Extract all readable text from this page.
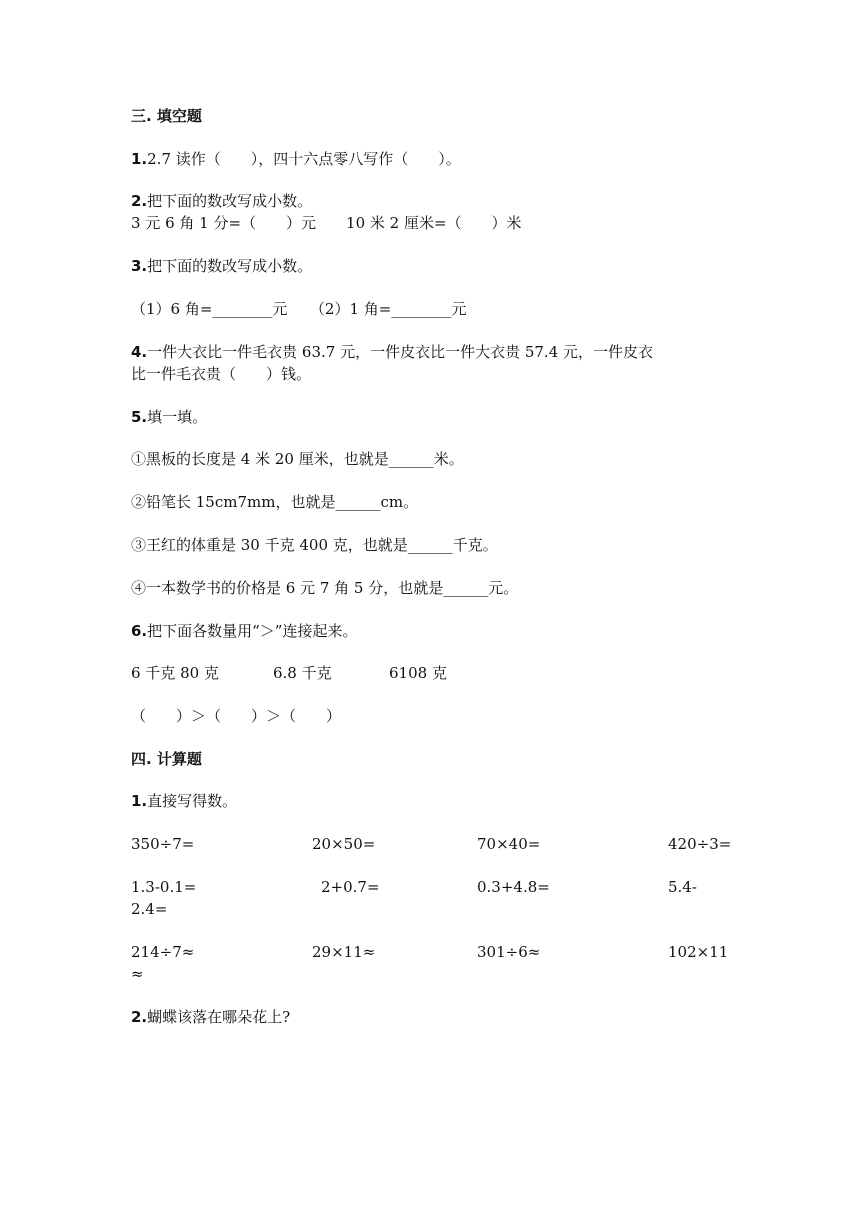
三. 填空题
1.2.7 读作（　　），四十六点零八写作（　　）。
2.把下面的数改写成小数。
3 元 6 角 1 分=（　　）元　　10 米 2 厘米=（　　）米
3.把下面的数改写成小数。
（1）6 角=________元　　（2）1 角=________元
4.一件大衣比一件毛衣贵 63.7 元，一件皮衣比一件大衣贵 57.4 元，一件皮衣
比一件毛衣贵（　　）钱。
5.填一填。
①黑板的长度是 4 米 20 厘米，也就是______米。
②铅笔长 15cm7mm，也就是______cm。
③王红的体重是 30 千克 400 克，也就是______千克。
④一本数学书的价格是 6 元 7 角 5 分，也就是______元。
6.把下面各数量用“＞”连接起来。
6 千克 80 克	6.8 千克	6108 克
（　　）＞（　　）＞（　　）
四. 计算题
1.直接写得数。
350÷7=	20×50=	70×40=	420÷3=
1.3-0.1=	2+0.7=	0.3+4.8=	5.4-
2.4=
214÷7≈	29×11≈	301÷6≈	102×11
≈
2.蝴蝶该落在哪朵花上?
